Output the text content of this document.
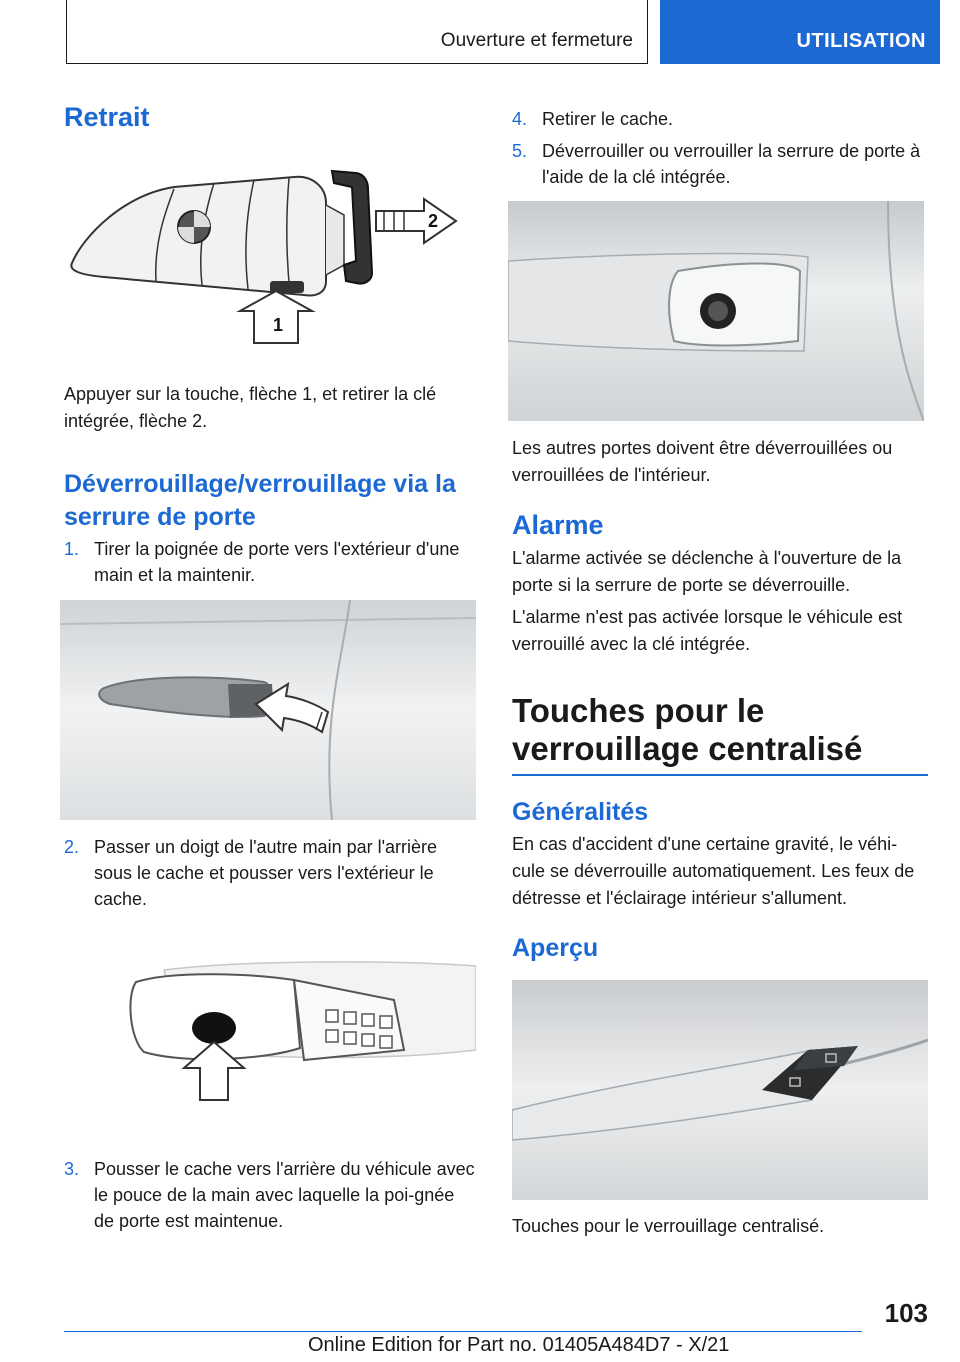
Ouverture et fermeture	UTILISATION
Retrait
2
1

Appuyer sur la touche, flèche 1, et retirer la clé intégrée, flèche 2.

Déverrouillage/verrouillage via la serrure de porte
1. Tirer la poignée de porte vers l'extérieur d'une main et la maintenir.
2. Passer un doigt de l'autre main par l'arrière sous le cache et pousser vers l'extérieur le cache.
3. Pousser le cache vers l'arrière du véhicule avec le pouce de la main avec laquelle la poi-gnée de porte est maintenue.
4. Retirer le cache.
5. Déverrouiller ou verrouiller la serrure de porte à l'aide de la clé intégrée.

Les autres portes doivent être déverrouillées ou verrouillées de l'intérieur.

Alarme

L'alarme activée se déclenche à l'ouverture de la porte si la serrure de porte se déverrouille.

L'alarme n'est pas activée lorsque le véhicule est verrouillé avec la clé intégrée.

Touches pour le verrouillage centralisé
Généralités

En cas d'accident d'une certaine gravité, le véhi-cule se déverrouille automatiquement. Les feux de détresse et l'éclairage intérieur s'allument.

Aperçu

Touches pour le verrouillage centralisé.

103
Online Edition for Part no. 01405A484D7 - X/21
